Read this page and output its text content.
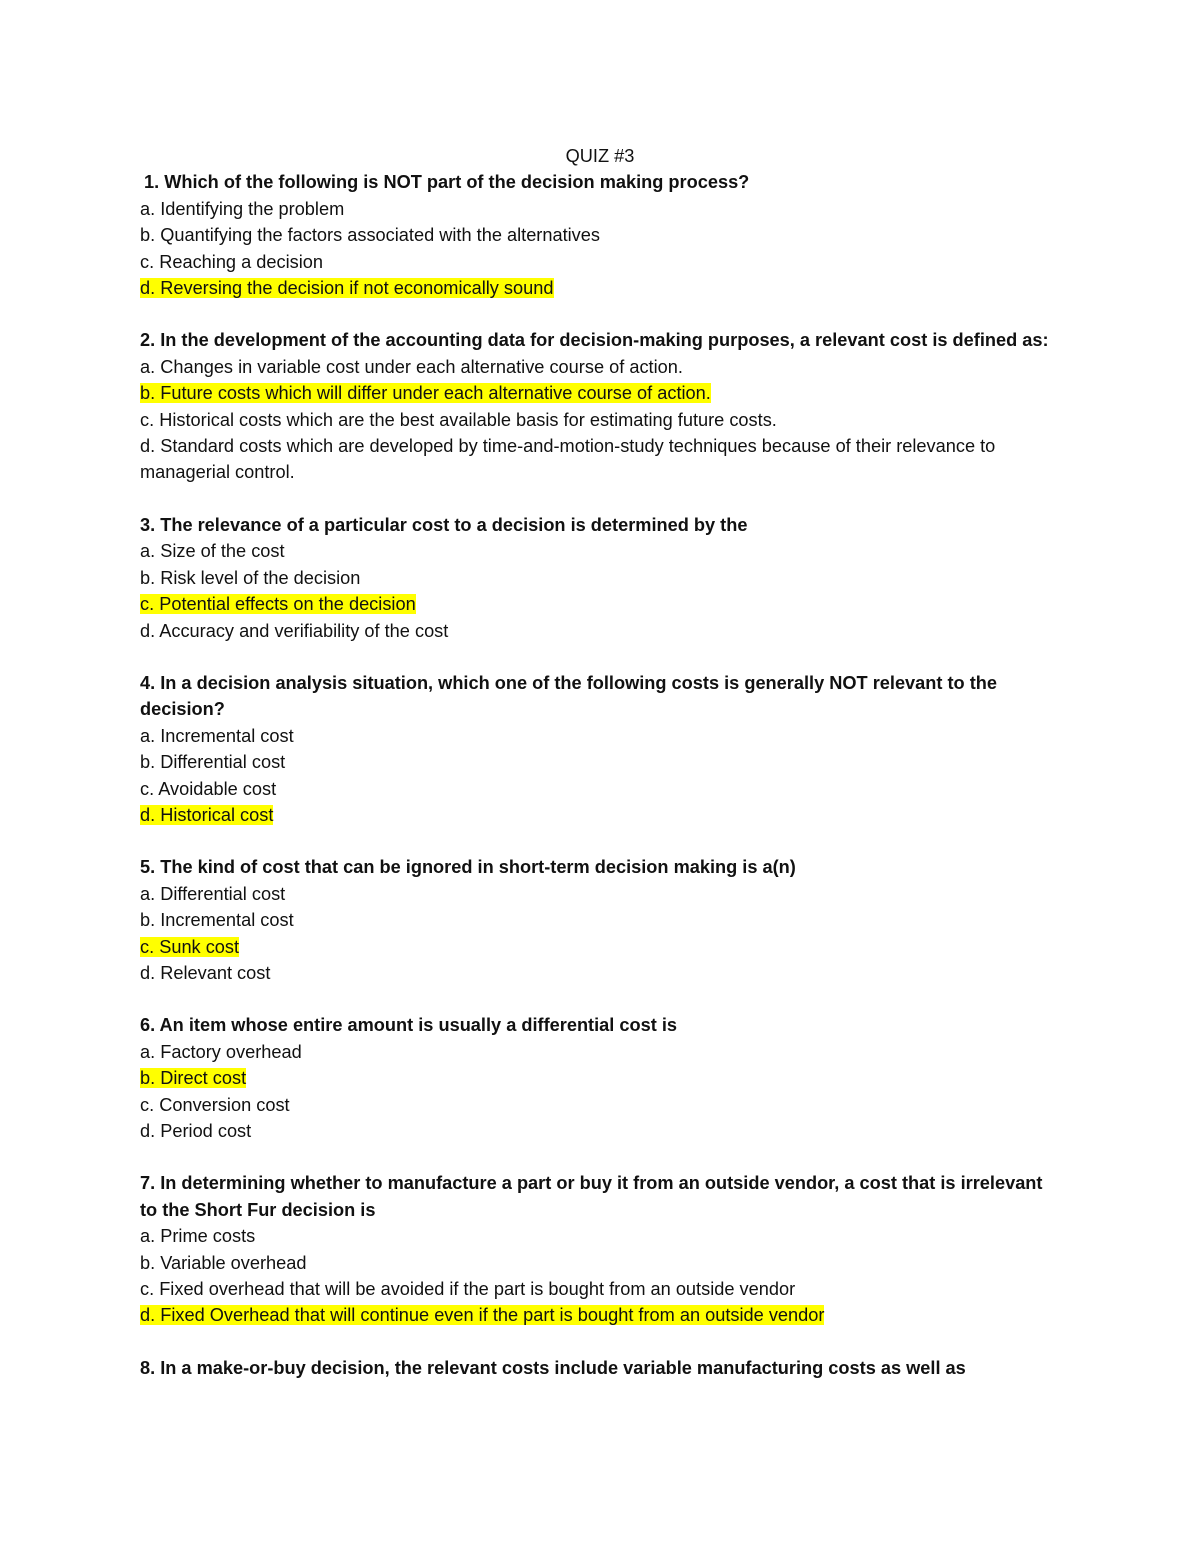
QUIZ #3

1. Which of the following is NOT part of the decision making process?

a. Identifying the problem

b. Quantifying the factors associated with the alternatives

c. Reaching a decision

d. Reversing the decision if not economically sound

2. In the development of the accounting data for decision-making purposes, a relevant cost is defined as:

a. Changes in variable cost under each alternative course of action.

b. Future costs which will differ under each alternative course of action.

c. Historical costs which are the best available basis for estimating future costs.

d. Standard costs which are developed by time-and-motion-study techniques because of their relevance to managerial control.

3. The relevance of a particular cost to a decision is determined by the

a. Size of the cost

b. Risk level of the decision

c. Potential effects on the decision

d. Accuracy and verifiability of the cost

4. In a decision analysis situation, which one of the following costs is generally NOT relevant to the decision?

a. Incremental cost

b. Differential cost

c. Avoidable cost

d. Historical cost

5. The kind of cost that can be ignored in short-term decision making is a(n)

a. Differential cost

b. Incremental cost

c. Sunk cost

d. Relevant cost

6. An item whose entire amount is usually a differential cost is

a. Factory overhead

b. Direct cost

c. Conversion cost

d. Period cost

7. In determining whether to manufacture a part or buy it from an outside vendor, a cost that is irrelevant to the Short Fur decision is

a. Prime costs

b. Variable overhead

c. Fixed overhead that will be avoided if the part is bought from an outside vendor

d. Fixed Overhead that will continue even if the part is bought from an outside vendor

8. In a make-or-buy decision, the relevant costs include variable manufacturing costs as well as
